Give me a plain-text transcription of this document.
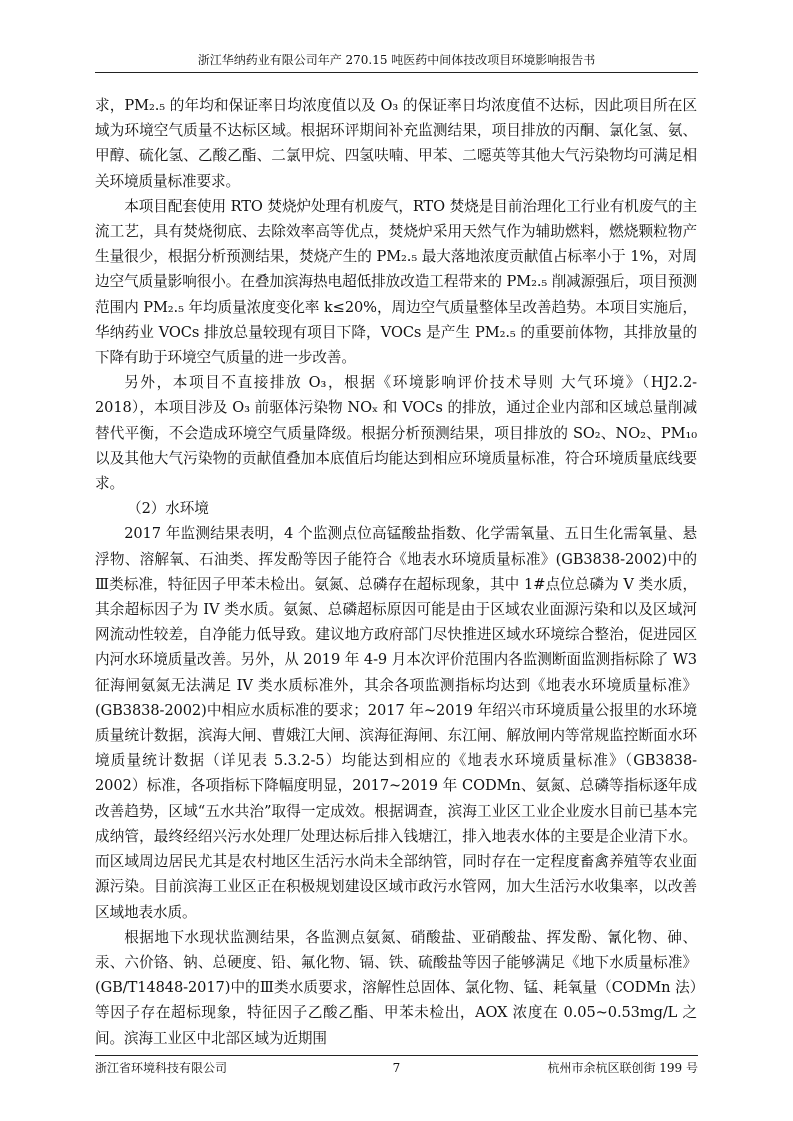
浙江华纳药业有限公司年产 270.15 吨医药中间体技改项目环境影响报告书

求，PM₂.₅ 的年均和保证率日均浓度值以及 O₃ 的保证率日均浓度值不达标，因此项目所在区域为环境空气质量不达标区域。根据环评期间补充监测结果，项目排放的丙酮、氯化氢、氨、甲醇、硫化氢、乙酸乙酯、二氯甲烷、四氢呋喃、甲苯、二噁英等其他大气污染物均可满足相关环境质量标准要求。

本项目配套使用 RTO 焚烧炉处理有机废气，RTO 焚烧是目前治理化工行业有机废气的主流工艺，具有焚烧彻底、去除效率高等优点，焚烧炉采用天然气作为辅助燃料，燃烧颗粒物产生量很少，根据分析预测结果，焚烧产生的 PM₂.₅ 最大落地浓度贡献值占标率小于 1%，对周边空气质量影响很小。在叠加滨海热电超低排放改造工程带来的 PM₂.₅ 削减源强后，项目预测范围内 PM₂.₅ 年均质量浓度变化率 k≤20%，周边空气质量整体呈改善趋势。本项目实施后，华纳药业 VOCs 排放总量较现有项目下降，VOCs 是产生 PM₂.₅ 的重要前体物，其排放量的下降有助于环境空气质量的进一步改善。

另外，本项目不直接排放 O₃，根据《环境影响评价技术导则 大气环境》（HJ2.2-2018），本项目涉及 O₃ 前驱体污染物 NOₓ 和 VOCs 的排放，通过企业内部和区域总量削减替代平衡，不会造成环境空气质量降级。根据分析预测结果，项目排放的 SO₂、NO₂、PM₁₀ 以及其他大气污染物的贡献值叠加本底值后均能达到相应环境质量标准，符合环境质量底线要求。

（2）水环境

2017 年监测结果表明，4 个监测点位高锰酸盐指数、化学需氧量、五日生化需氧量、悬浮物、溶解氧、石油类、挥发酚等因子能符合《地表水环境质量标准》(GB3838-2002)中的Ⅲ类标准，特征因子甲苯未检出。氨氮、总磷存在超标现象，其中 1#点位总磷为 V 类水质，其余超标因子为 IV 类水质。氨氮、总磷超标原因可能是由于区域农业面源污染和以及区域河网流动性较差，自净能力低导致。建议地方政府部门尽快推进区域水环境综合整治，促进园区内河水环境质量改善。另外，从 2019 年 4-9 月本次评价范围内各监测断面监测指标除了 W3 征海闸氨氮无法满足 IV 类水质标准外，其余各项监测指标均达到《地表水环境质量标准》(GB3838-2002)中相应水质标准的要求；2017 年~2019 年绍兴市环境质量公报里的水环境质量统计数据，滨海大闸、曹娥江大闸、滨海征海闸、东江闸、解放闸内等常规监控断面水环境质量统计数据（详见表 5.3.2-5）均能达到相应的《地表水环境质量标准》（GB3838-2002）标准，各项指标下降幅度明显，2017~2019 年 CODMn、氨氮、总磷等指标逐年成改善趋势，区域“五水共治”取得一定成效。根据调查，滨海工业区工业企业废水目前已基本完成纳管，最终经绍兴污水处理厂处理达标后排入钱塘江，排入地表水体的主要是企业清下水。而区域周边居民尤其是农村地区生活污水尚未全部纳管，同时存在一定程度畜禽养殖等农业面源污染。目前滨海工业区正在积极规划建设区域市政污水管网，加大生活污水收集率，以改善区域地表水质。

根据地下水现状监测结果，各监测点氨氮、硝酸盐、亚硝酸盐、挥发酚、氰化物、砷、汞、六价铬、钠、总硬度、铅、氟化物、镉、铁、硫酸盐等因子能够满足《地下水质量标准》(GB/T14848-2017)中的Ⅲ类水质要求，溶解性总固体、氯化物、锰、耗氧量（CODMn 法）等因子存在超标现象，特征因子乙酸乙酯、甲苯未检出，AOX 浓度在 0.05~0.53mg/L 之间。滨海工业区中北部区域为近期围

浙江省环境科技有限公司	7	杭州市余杭区联创街 199 号
